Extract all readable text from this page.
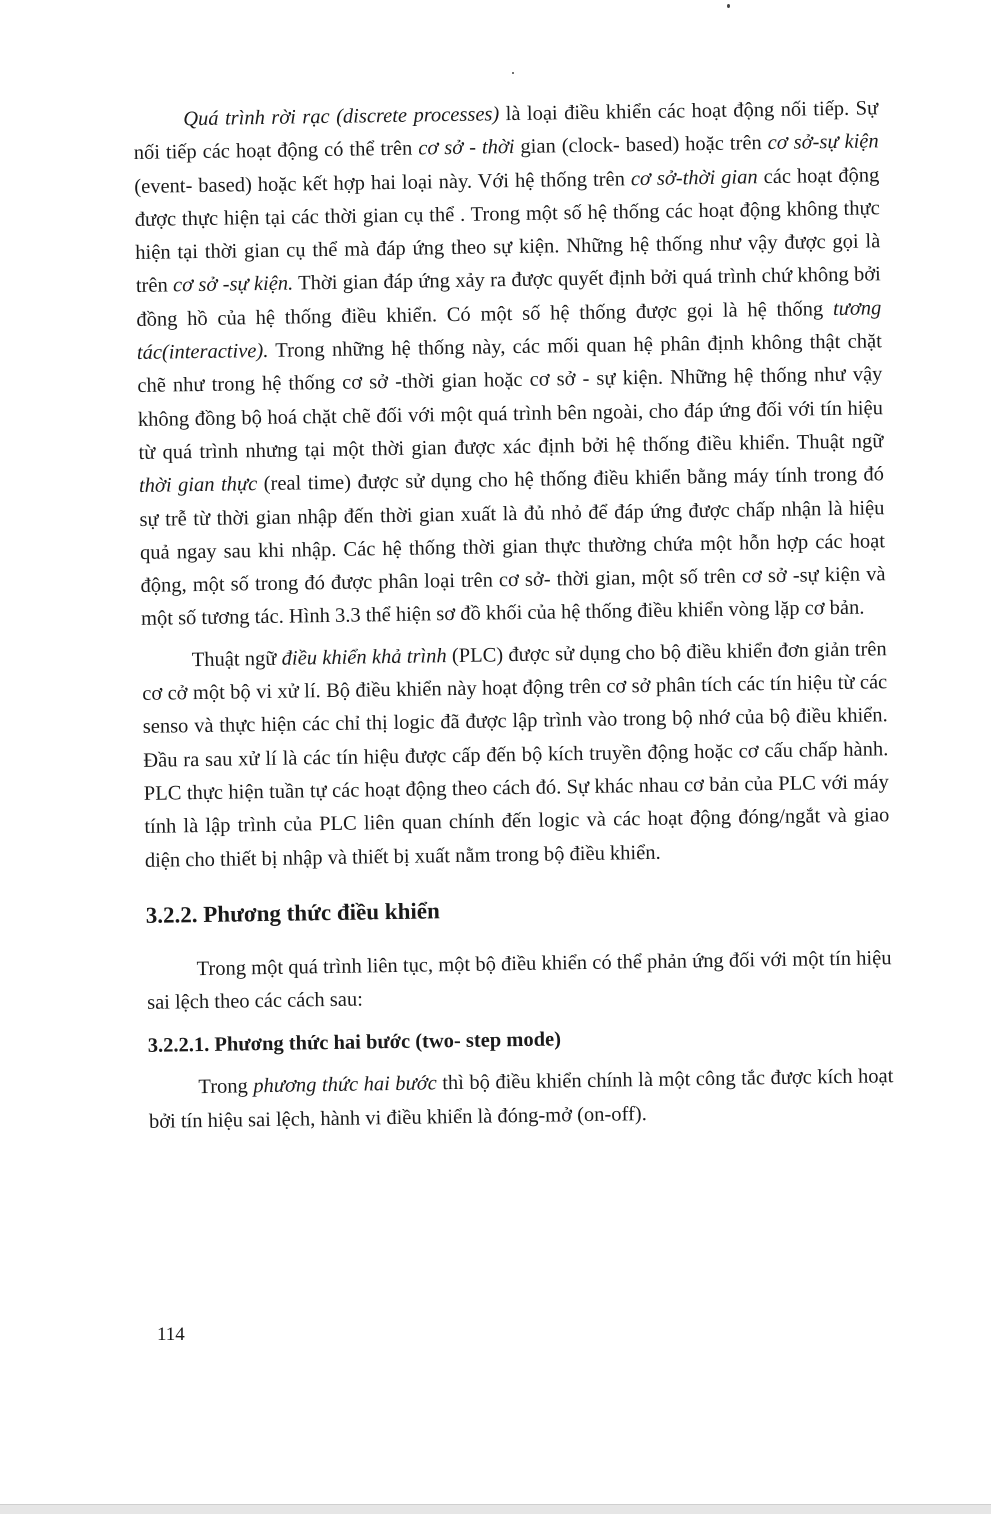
Quá trình rời rạc (discrete processes) là loại điều khiển các hoạt động nối tiếp. Sự nối tiếp các hoạt động có thể trên cơ sở - thời gian (clock- based) hoặc trên cơ sở-sự kiện (event- based) hoặc kết hợp hai loại này. Với hệ thống trên cơ sở-thời gian các hoạt động được thực hiện tại các thời gian cụ thể . Trong một số hệ thống các hoạt động không thực hiện tại thời gian cụ thể mà đáp ứng theo sự kiện. Những hệ thống như vậy được gọi là trên cơ sở -sự kiện. Thời gian đáp ứng xảy ra được quyết định bởi quá trình chứ không bởi đồng hồ của hệ thống điều khiển. Có một số hệ thống được gọi là hệ thống tương tác(interactive). Trong những hệ thống này, các mối quan hệ phân định không thật chặt chẽ như trong hệ thống cơ sở -thời gian hoặc cơ sở - sự kiện. Những hệ thống như vậy không đồng bộ hoá chặt chẽ đối với một quá trình bên ngoài, cho đáp ứng đối với tín hiệu từ quá trình nhưng tại một thời gian được xác định bởi hệ thống điều khiển. Thuật ngữ thời gian thực (real time) được sử dụng cho hệ thống điều khiển bằng máy tính trong đó sự trễ từ thời gian nhập đến thời gian xuất là đủ nhỏ để đáp ứng được chấp nhận là hiệu quả ngay sau khi nhập. Các hệ thống thời gian thực thường chứa một hỗn hợp các hoạt động, một số trong đó được phân loại trên cơ sở- thời gian, một số trên cơ sở -sự kiện và một số tương tác. Hình 3.3 thể hiện sơ đồ khối của hệ thống điều khiển vòng lặp cơ bản.

Thuật ngữ điều khiển khả trình (PLC) được sử dụng cho bộ điều khiển đơn giản trên cơ cở một bộ vi xử lí. Bộ điều khiển này hoạt động trên cơ sở phân tích các tín hiệu từ các senso và thực hiện các chỉ thị logic đã được lập trình vào trong bộ nhớ của bộ điều khiển. Đầu ra sau xử lí là các tín hiệu được cấp đến bộ kích truyền động hoặc cơ cấu chấp hành. PLC thực hiện tuần tự các hoạt động theo cách đó. Sự khác nhau cơ bản của PLC với máy tính là lập trình của PLC liên quan chính đến logic và các hoạt động đóng/ngắt và giao diện cho thiết bị nhập và thiết bị xuất nằm trong bộ điều khiển.

3.2.2. Phương thức điều khiển

Trong một quá trình liên tục, một bộ điều khiển có thể phản ứng đối với một tín hiệu sai lệch theo các cách sau:

3.2.2.1. Phương thức hai bước (two- step mode)

Trong phương thức hai bước thì bộ điều khiển chính là một công tắc được kích hoạt bởi tín hiệu sai lệch, hành vi điều khiển là đóng-mở (on-off).

114
